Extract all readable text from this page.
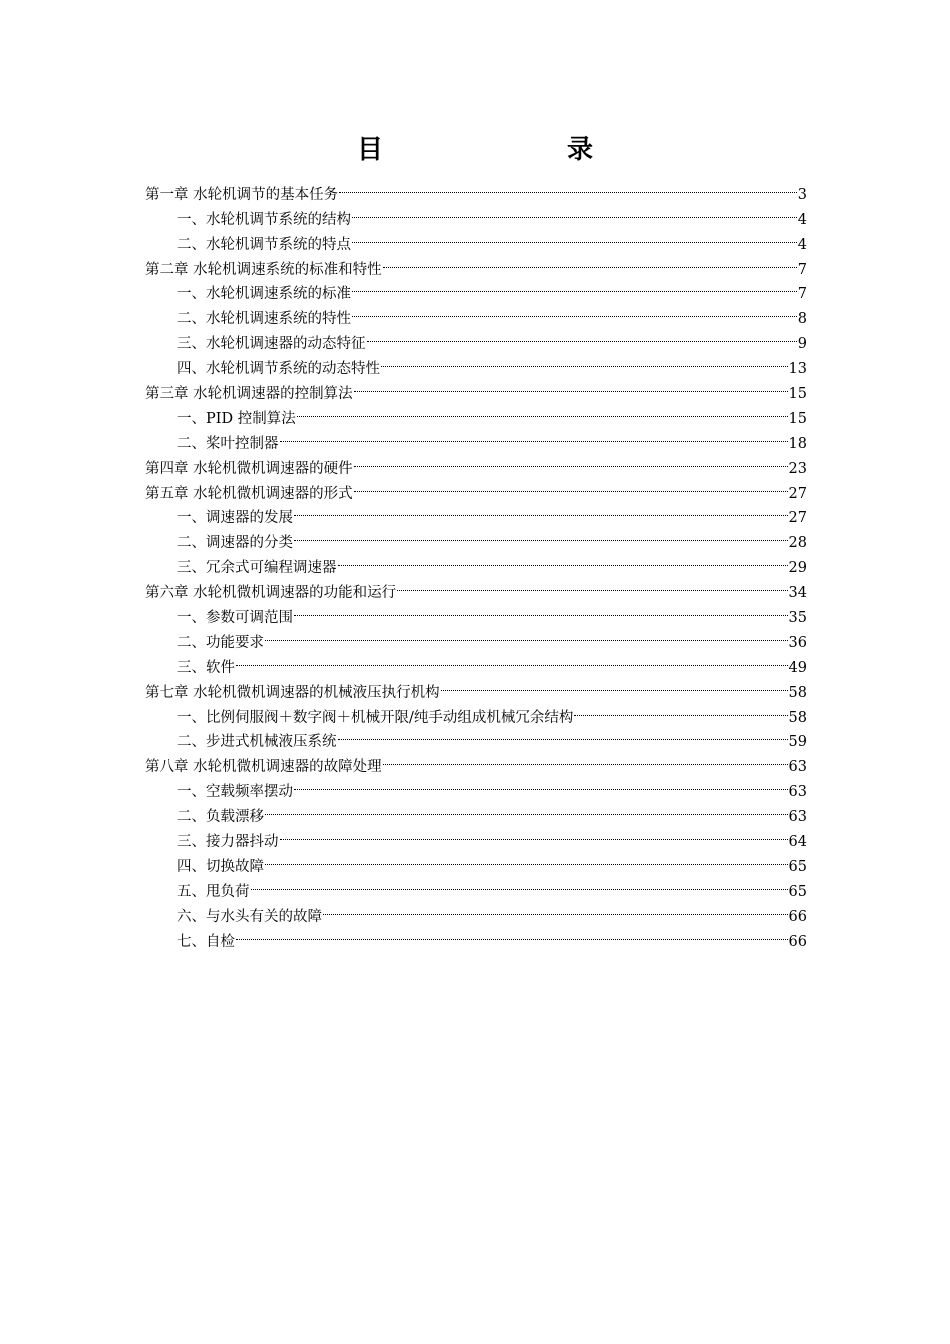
目　　录
第一章 水轮机调节的基本任务	3
一、水轮机调节系统的结构	4
二、水轮机调节系统的特点	4
第二章 水轮机调速系统的标准和特性	7
一、水轮机调速系统的标准	7
二、水轮机调速系统的特性	8
三、水轮机调速器的动态特征	9
四、水轮机调节系统的动态特性	13
第三章 水轮机调速器的控制算法	15
一、PID 控制算法	15
二、桨叶控制器	18
第四章 水轮机微机调速器的硬件	23
第五章 水轮机微机调速器的形式	27
一、调速器的发展	27
二、调速器的分类	28
三、冗余式可编程调速器	29
第六章 水轮机微机调速器的功能和运行	34
一、参数可调范围	35
二、功能要求	36
三、软件	49
第七章 水轮机微机调速器的机械液压执行机构	58
一、比例伺服阀＋数字阀＋机械开限/纯手动组成机械冗余结构	58
二、步进式机械液压系统	59
第八章 水轮机微机调速器的故障处理	63
一、空载频率摆动	63
二、负载漂移	63
三、接力器抖动	64
四、切换故障	65
五、甩负荷	65
六、与水头有关的故障	66
七、自检	66
